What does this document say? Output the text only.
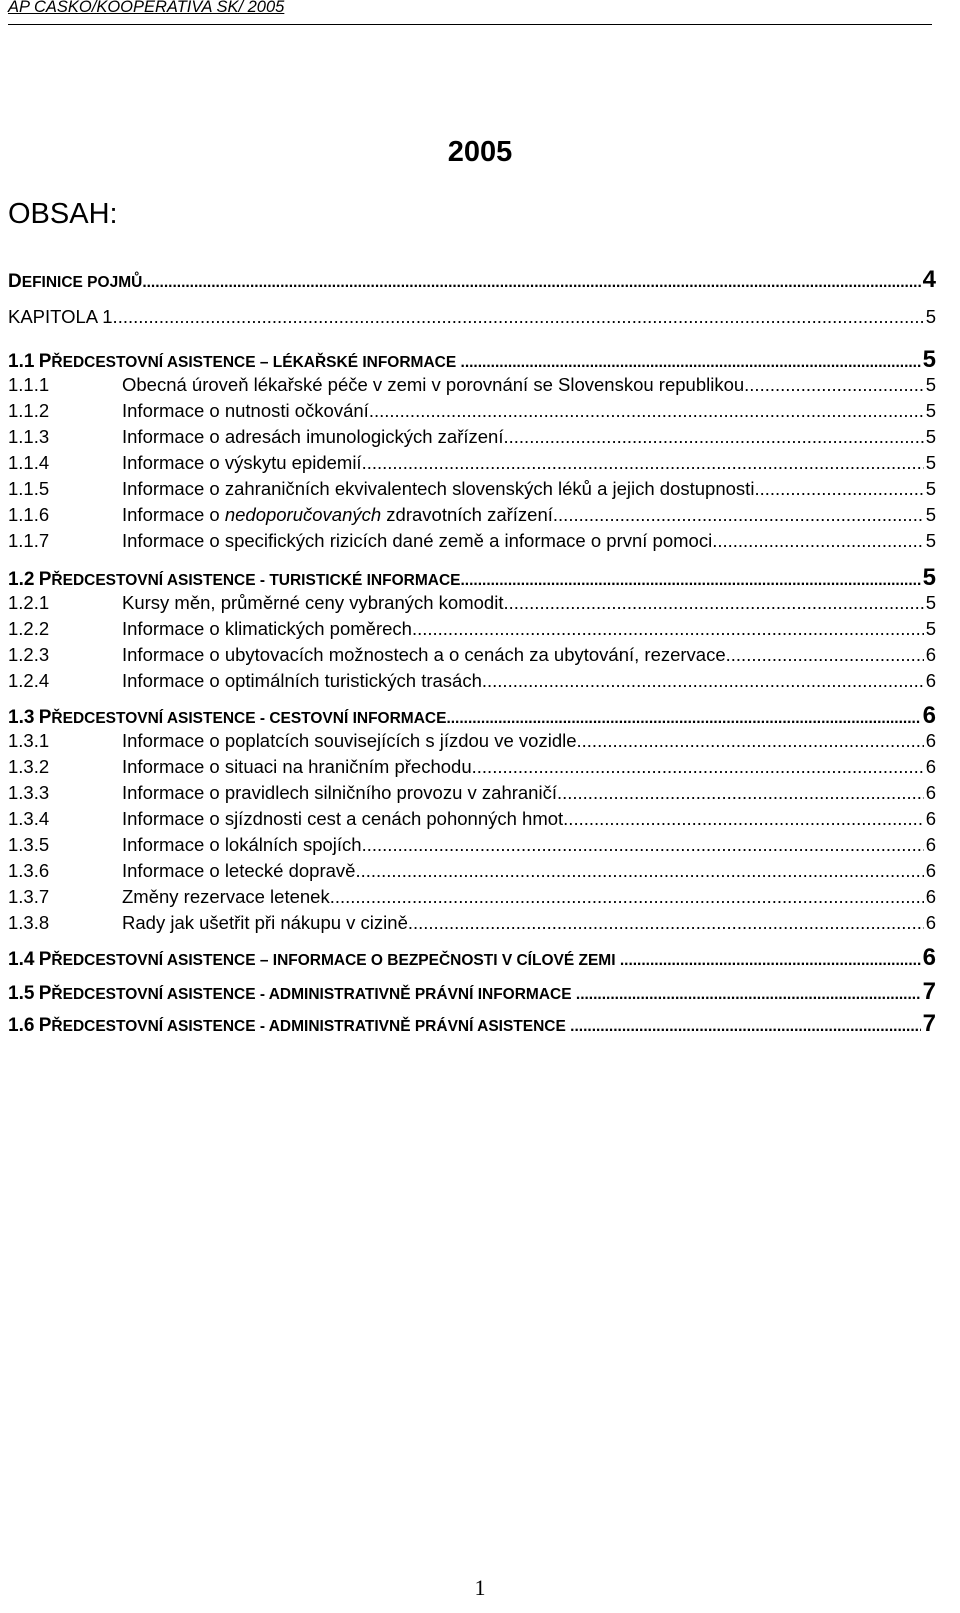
AP CASKO/KOOPERATIVA SK/ 2005
2005
OBSAH:
DEFINICE POJMŮ .....	4
KAPITOLA 1. .....	5
1.1 PŘEDCESTOVNÍ ASISTENCE – LÉKAŘSKÉ INFORMACE .....	5
1.1.1	Obecná úroveň lékařské péče v zemi v porovnání se Slovenskou republikou .....	5
1.1.2	Informace o nutnosti očkování .....	5
1.1.3	Informace o adresách imunologických zařízení .....	5
1.1.4	Informace o výskytu epidemií .....	5
1.1.5	Informace o zahraničních ekvivalentech slovenských léků a jejich dostupnosti .....	5
1.1.6	Informace o nedoporučovaných zdravotních zařízení .....	5
1.1.7	Informace o specifických rizicích dané země a informace o první pomoci .....	5
1.2 PŘEDCESTOVNÍ ASISTENCE - TURISTICKÉ INFORMACE .....	5
1.2.1	Kursy měn, průměrné ceny vybraných komodit .....	5
1.2.2	Informace o klimatických poměrech .....	5
1.2.3	Informace o ubytovacích možnostech a o cenách za ubytování, rezervace .....	6
1.2.4	Informace o optimálních turistických trasách .....	6
1.3 PŘEDCESTOVNÍ ASISTENCE - CESTOVNÍ INFORMACE .....	6
1.3.1	Informace o poplatcích souvisejících s jízdou ve vozidle .....	6
1.3.2	Informace o situaci na hraničním přechodu .....	6
1.3.3	Informace o pravidlech silničního provozu v zahraničí .....	6
1.3.4	Informace o sjízdnosti cest a cenách pohonných hmot .....	6
1.3.5	Informace o lokálních spojích .....	6
1.3.6	Informace o letecké dopravě .....	6
1.3.7	Změny rezervace letenek .....	6
1.3.8	Rady jak ušetřit při nákupu v cizině .....	6
1.4 PŘEDCESTOVNÍ ASISTENCE – INFORMACE O BEZPEČNOSTI V CÍLOVÉ ZEMI .....	6
1.5 PŘEDCESTOVNÍ ASISTENCE - ADMINISTRATIVNĚ PRÁVNÍ INFORMACE .....	7
1.6 PŘEDCESTOVNÍ ASISTENCE - ADMINISTRATIVNĚ PRÁVNÍ ASISTENCE .....	7
1
